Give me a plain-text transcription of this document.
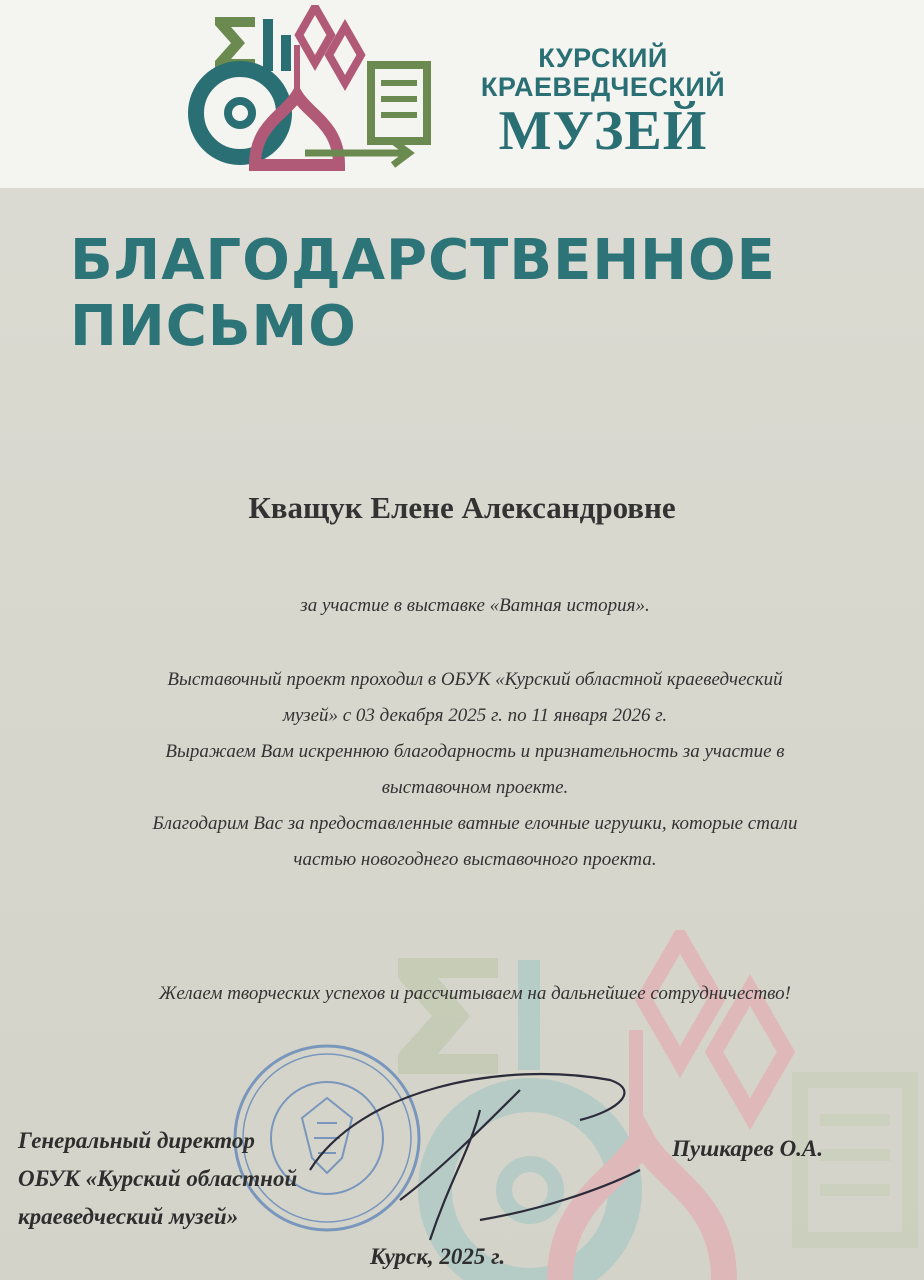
КУРСКИЙ
КРАЕВЕДЧЕСКИЙ
МУЗЕЙ
БЛАГОДАРСТВЕННОЕ
ПИСЬМО
Кващук Елене Александровне
за участие в выставке «Ватная история».
Выставочный проект проходил в ОБУК «Курский областной краеведческий
музей» с 03 декабря 2025 г. по 11 января 2026 г.
Выражаем Вам искреннюю благодарность и признательность за участие в
выставочном проекте.
Благодарим Вас за предоставленные ватные елочные игрушки, которые стали
частью новогоднего выставочного проекта.
Желаем творческих успехов и рассчитываем на дальнейшее сотрудничество!
Генеральный директор
ОБУК «Курский областной
краеведческий музей»
Пушкарев О.А.
Курск, 2025 г.
